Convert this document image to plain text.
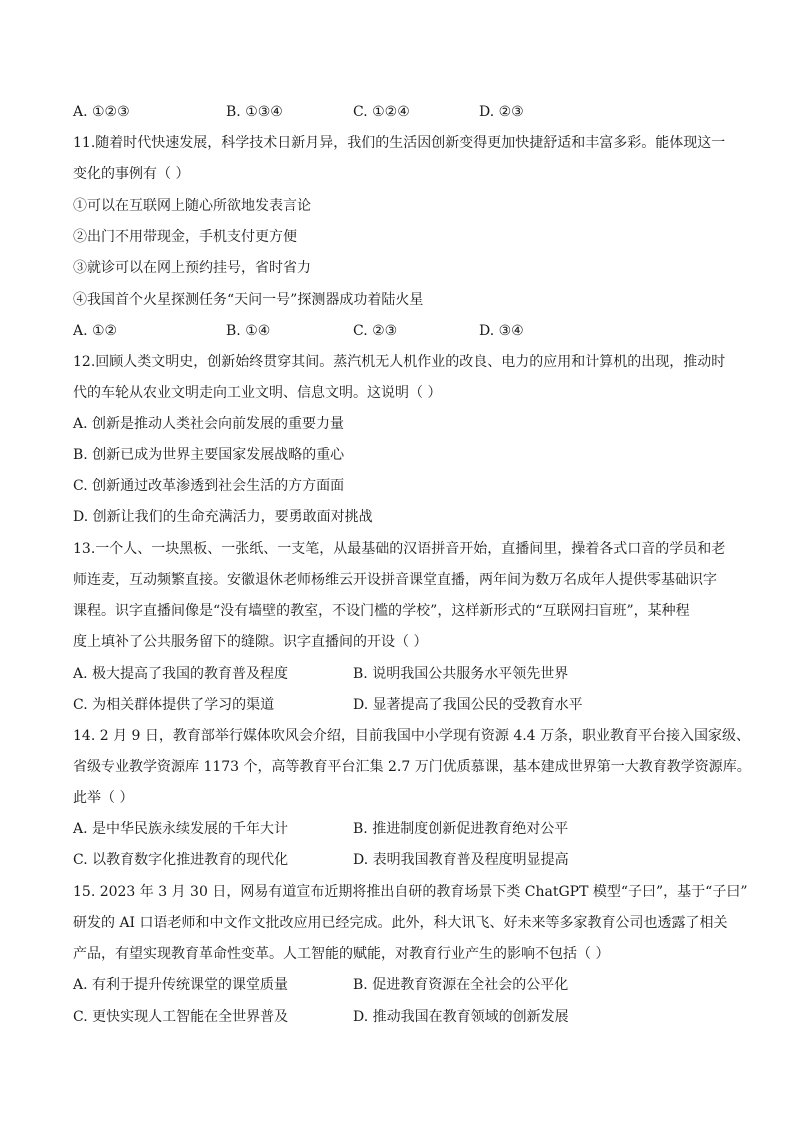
A. ①②③	B. ①③④	C. ①②④	D. ②③
11.随着时代快速发展，科学技术日新月异，我们的生活因创新变得更加快捷舒适和丰富多彩。能体现这一
变化的事例有（ ）
①可以在互联网上随心所欲地发表言论
②出门不用带现金，手机支付更方便
③就诊可以在网上预约挂号，省时省力
④我国首个火星探测任务“天问一号”探测器成功着陆火星
A. ①②	B. ①④	C. ②③	D. ③④
12.回顾人类文明史，创新始终贯穿其间。蒸汽机无人机作业的改良、电力的应用和计算机的出现，推动时
代的车轮从农业文明走向工业文明、信息文明。这说明（ ）
A. 创新是推动人类社会向前发展的重要力量
B. 创新已成为世界主要国家发展战略的重心
C. 创新通过改革渗透到社会生活的方方面面
D. 创新让我们的生命充满活力，要勇敢面对挑战
13.一个人、一块黑板、一张纸、一支笔，从最基础的汉语拼音开始，直播间里，操着各式口音的学员和老
师连麦，互动频繁直接。安徽退休老师杨维云开设拼音课堂直播，两年间为数万名成年人提供零基础识字
课程。识字直播间像是“没有墙壁的教室，不设门槛的学校”，这样新形式的“互联网扫盲班”，某种程
度上填补了公共服务留下的缝隙。识字直播间的开设（ ）
A. 极大提高了我国的教育普及程度	B. 说明我国公共服务水平领先世界
C. 为相关群体提供了学习的渠道	D. 显著提高了我国公民的受教育水平
14. 2 月 9 日，教育部举行媒体吹风会介绍，目前我国中小学现有资源 4.4 万条，职业教育平台接入国家级、
省级专业教学资源库 1173 个，高等教育平台汇集 2.7 万门优质慕课，基本建成世界第一大教育教学资源库。
此举（ ）
A. 是中华民族永续发展的千年大计	B. 推进制度创新促进教育绝对公平
C. 以教育数字化推进教育的现代化	D. 表明我国教育普及程度明显提高
15. 2023 年 3 月 30 日，网易有道宣布近期将推出自研的教育场景下类 ChatGPT 模型“子曰”，基于“子曰”
研发的 AI 口语老师和中文作文批改应用已经完成。此外，科大讯飞、好未来等多家教育公司也透露了相关
产品，有望实现教育革命性变革。人工智能的赋能，对教育行业产生的影响不包括（ ）
A. 有利于提升传统课堂的课堂质量	B. 促进教育资源在全社会的公平化
C. 更快实现人工智能在全世界普及	D. 推动我国在教育领域的创新发展
